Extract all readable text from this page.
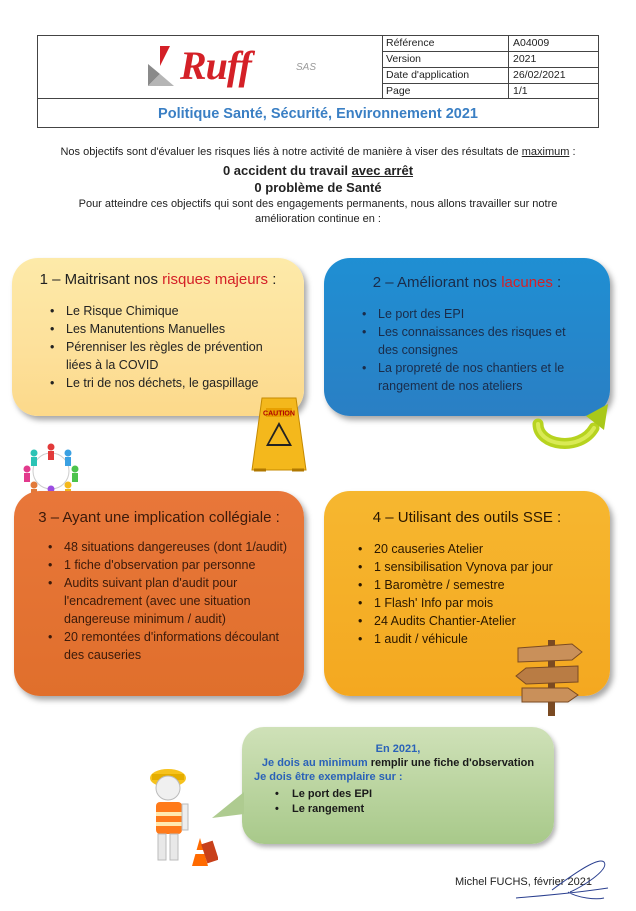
Ruff	SAS
Référence	A04009
Version	2021
Date d'application	26/02/2021
Page	1/1
Politique Santé, Sécurité, Environnement 2021
Nos objectifs sont d'évaluer les risques liés à notre activité de manière à viser des résultats de maximum :
0 accident du travail avec arrêt
0 problème de Santé
Pour atteindre ces objectifs qui sont des engagements permanents, nous allons travailler sur notre
amélioration continue en :
1 – Maitrisant nos risques majeurs :
• Le Risque Chimique
• Les Manutentions Manuelles
• Pérenniser les règles de prévention liées à la COVID
• Le tri de nos déchets, le gaspillage
CAUTION
2 – Améliorant nos lacunes :
• Le port des EPI
• Les connaissances des risques et des consignes
• La propreté de nos chantiers et le rangement de nos ateliers
3 – Ayant une implication collégiale :
• 48 situations dangereuses (dont 1/audit)
• 1 fiche d'observation par personne
• Audits suivant plan d'audit pour l'encadrement (avec une situation dangereuse minimum / audit)
• 20 remontées d'informations découlant des causeries
4 – Utilisant des outils SSE :
• 20 causeries Atelier
• 1 sensibilisation Vynova par jour
• 1 Baromètre / semestre
• 1 Flash' Info par mois
• 24 Audits Chantier-Atelier
• 1 audit / véhicule
En 2021,
Je dois au minimum remplir une fiche d'observation
Je dois être exemplaire sur :
• Le port des EPI
• Le rangement
Michel FUCHS, février 2021
